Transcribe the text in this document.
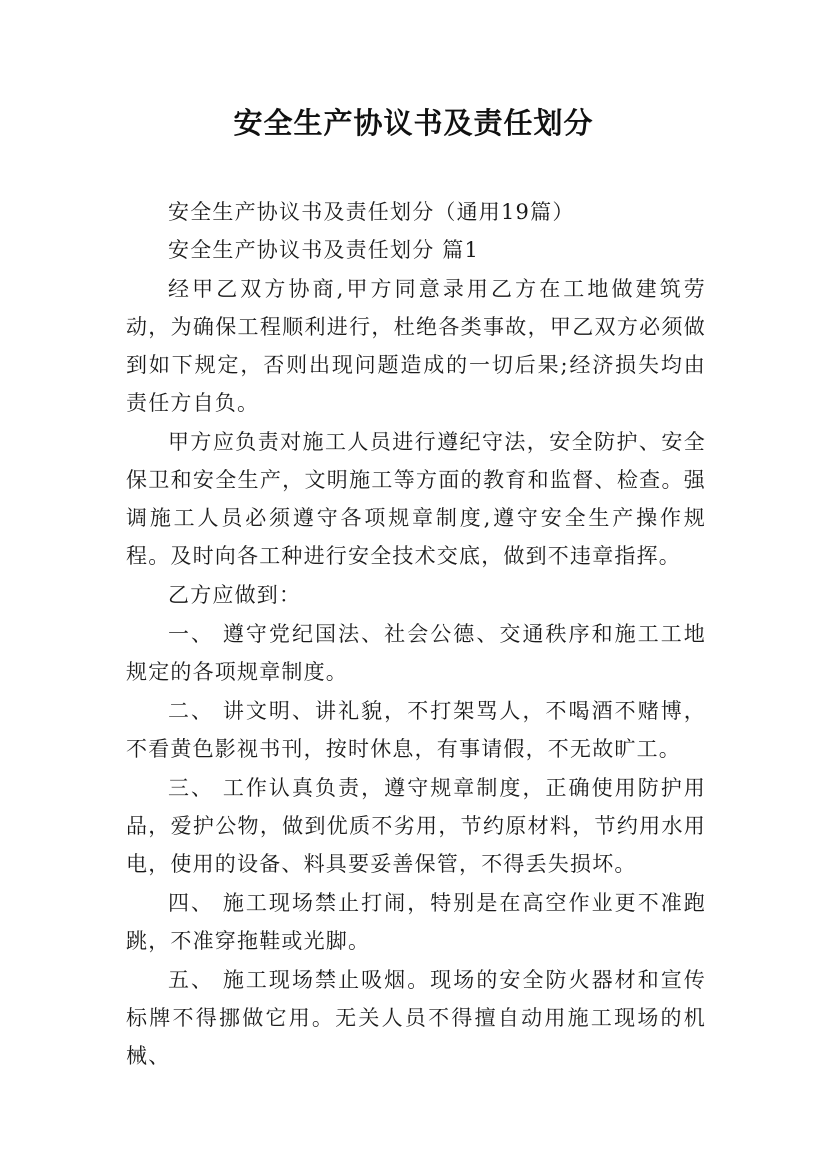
安全生产协议书及责任划分

安全生产协议书及责任划分（通用19篇）

安全生产协议书及责任划分 篇1

经甲乙双方协商,甲方同意录用乙方在工地做建筑劳动，为确保工程顺利进行，杜绝各类事故，甲乙双方必须做到如下规定，否则出现问题造成的一切后果;经济损失均由责任方自负。

甲方应负责对施工人员进行遵纪守法，安全防护、安全保卫和安全生产，文明施工等方面的教育和监督、检查。强调施工人员必须遵守各项规章制度,遵守安全生产操作规程。及时向各工种进行安全技术交底，做到不违章指挥。

乙方应做到：

一、 遵守党纪国法、社会公德、交通秩序和施工工地规定的各项规章制度。

二、 讲文明、讲礼貌，不打架骂人，不喝酒不赌博，不看黄色影视书刊，按时休息，有事请假，不无故旷工。

三、 工作认真负责，遵守规章制度，正确使用防护用品，爱护公物，做到优质不劣用，节约原材料，节约用水用电，使用的设备、料具要妥善保管，不得丢失损坏。

四、 施工现场禁止打闹，特别是在高空作业更不准跑跳，不准穿拖鞋或光脚。

五、 施工现场禁止吸烟。现场的安全防火器材和宣传标牌不得挪做它用。无关人员不得擅自动用施工现场的机械、
